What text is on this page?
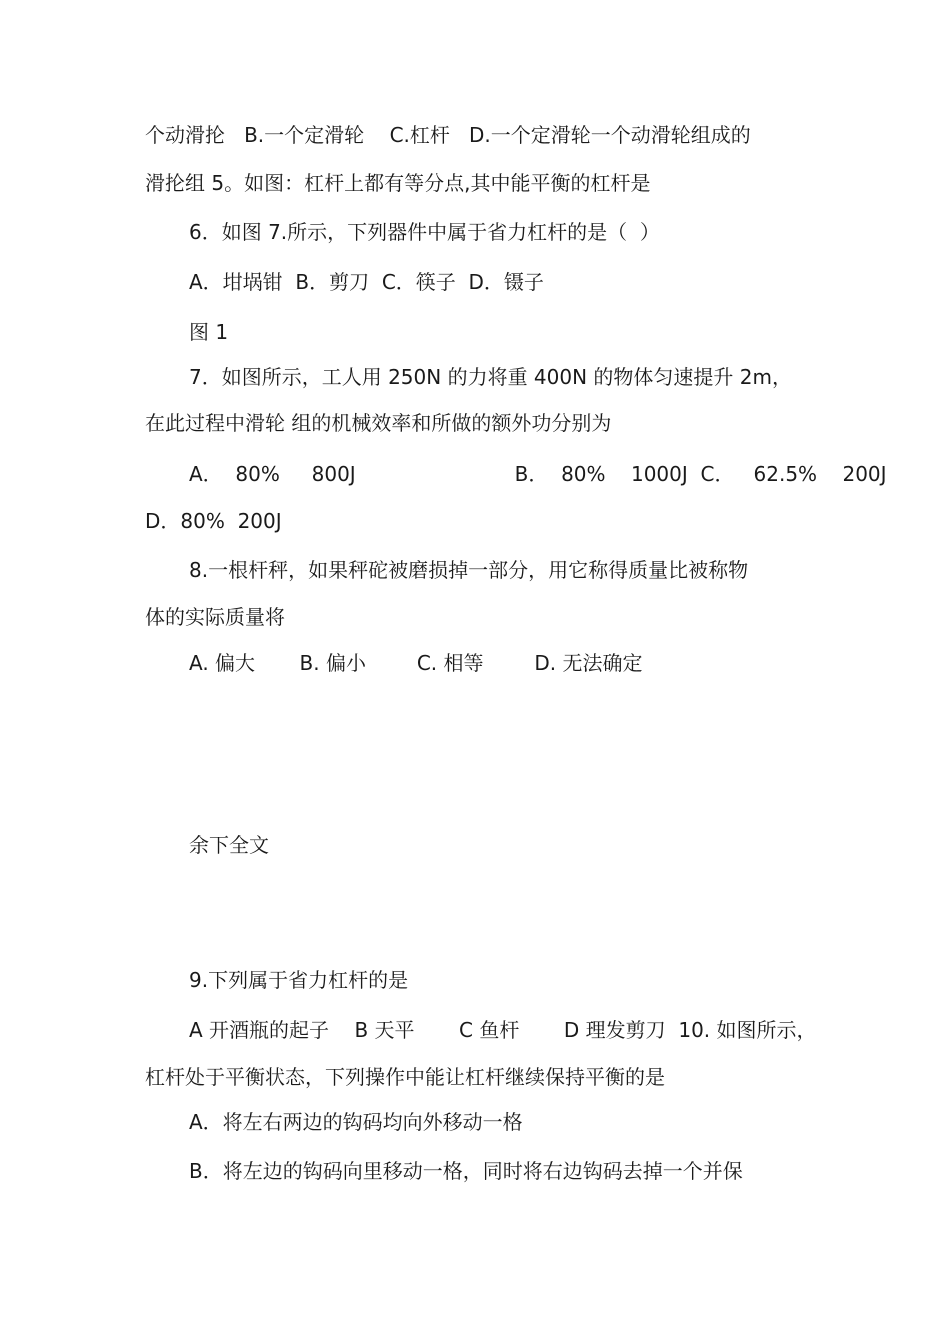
个动滑抡   B.一个定滑轮    C.杠杆   D.一个定滑轮一个动滑轮组成的
滑抡组 5。如图：杠杆上都有等分点,其中能平衡的杠杆是
6．如图 7.所示，下列器件中属于省力杠杆的是（  ）
A．坩埚钳  B．剪刀  C．筷子  D．镊子
图 1
7．如图所示，工人用 250N 的力将重 400N 的物体匀速提升 2m，
在此过程中滑轮 组的机械效率和所做的额外功分别为
A．  80%     800J                         B．  80%    1000J  C．   62.5%    200J
D．80%  200J
8.一根杆秤，如果秤砣被磨损掉一部分，用它称得质量比被称物
体的实际质量将
A. 偏大       B. 偏小        C. 相等        D. 无法确定
余下全文
9.下列属于省力杠杆的是
A 开酒瓶的起子    B 天平       C 鱼杆       D 理发剪刀  10. 如图所示，
杠杆处于平衡状态，下列操作中能让杠杆继续保持平衡的是
A．将左右两边的钩码均向外移动一格
B．将左边的钩码向里移动一格，同时将右边钩码去掉一个并保
